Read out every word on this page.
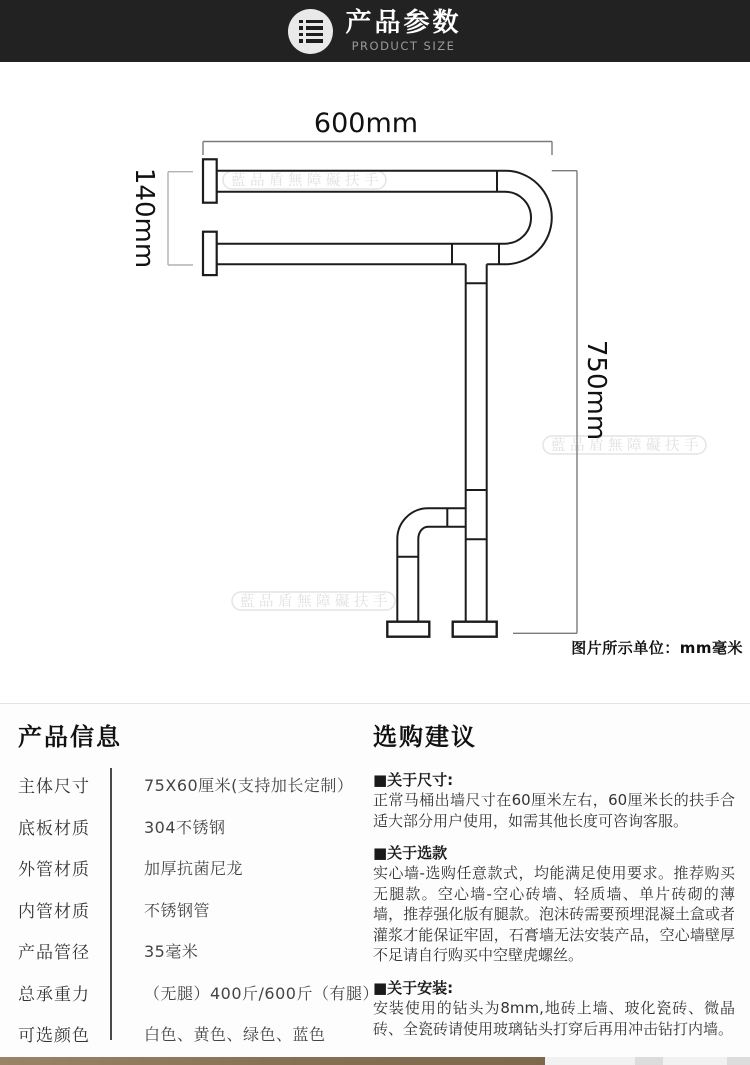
产品参数
PRODUCT SIZE
藍品盾無障礙扶手
藍品盾無障礙扶手
藍品盾無障礙扶手
600mm
140mm
750mm
图片所示单位：mm毫米
产品信息
主体尺寸	75X60厘米(支持加长定制）
底板材质	304不锈钢
外管材质	加厚抗菌尼龙
内管材质	不锈钢管
产品管径	35毫米
总承重力	（无腿）400斤/600斤（有腿）
可选颜色	白色、黄色、绿色、蓝色
选购建议
■关于尺寸:
正常马桶出墙尺寸在60厘米左右，60厘米长的扶手合适大部分用户使用，如需其他长度可咨询客服。
■关于选款
实心墙-选购任意款式，均能满足使用要求。推荐购买无腿款。空心墙-空心砖墙、轻质墙、单片砖砌的薄墙，推荐强化版有腿款。泡沫砖需要预埋混凝土盒或者灌浆才能保证牢固，石膏墙无法安装产品，空心墙壁厚不足请自行购买中空壁虎螺丝。
■关于安装:
安装使用的钻头为8mm,地砖上墙、玻化瓷砖、微晶砖、全瓷砖请使用玻璃钻头打穿后再用冲击钻打内墙。
